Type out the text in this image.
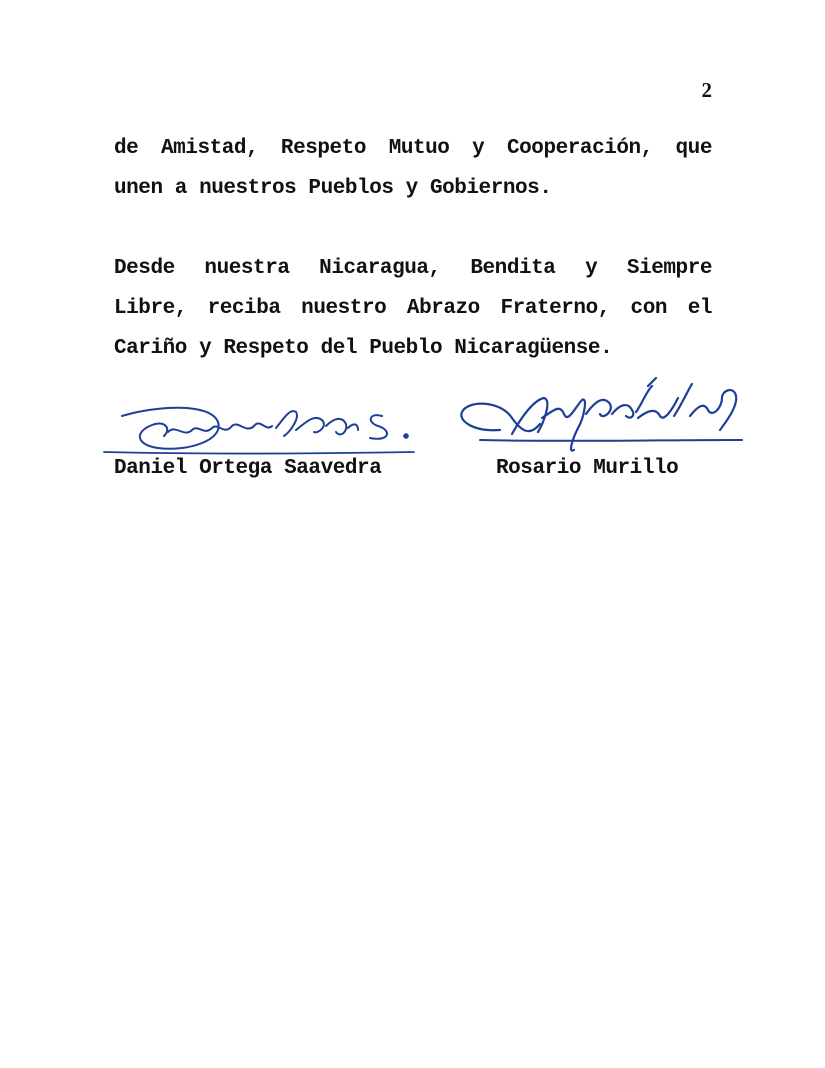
2
de Amistad, Respeto Mutuo y Cooperación, que
unen a nuestros Pueblos y Gobiernos.
Desde nuestra Nicaragua, Bendita y Siempre
Libre, reciba nuestro Abrazo Fraterno, con el
Cariño y Respeto del Pueblo Nicaragüense.
Daniel Ortega Saavedra	Rosario Murillo
